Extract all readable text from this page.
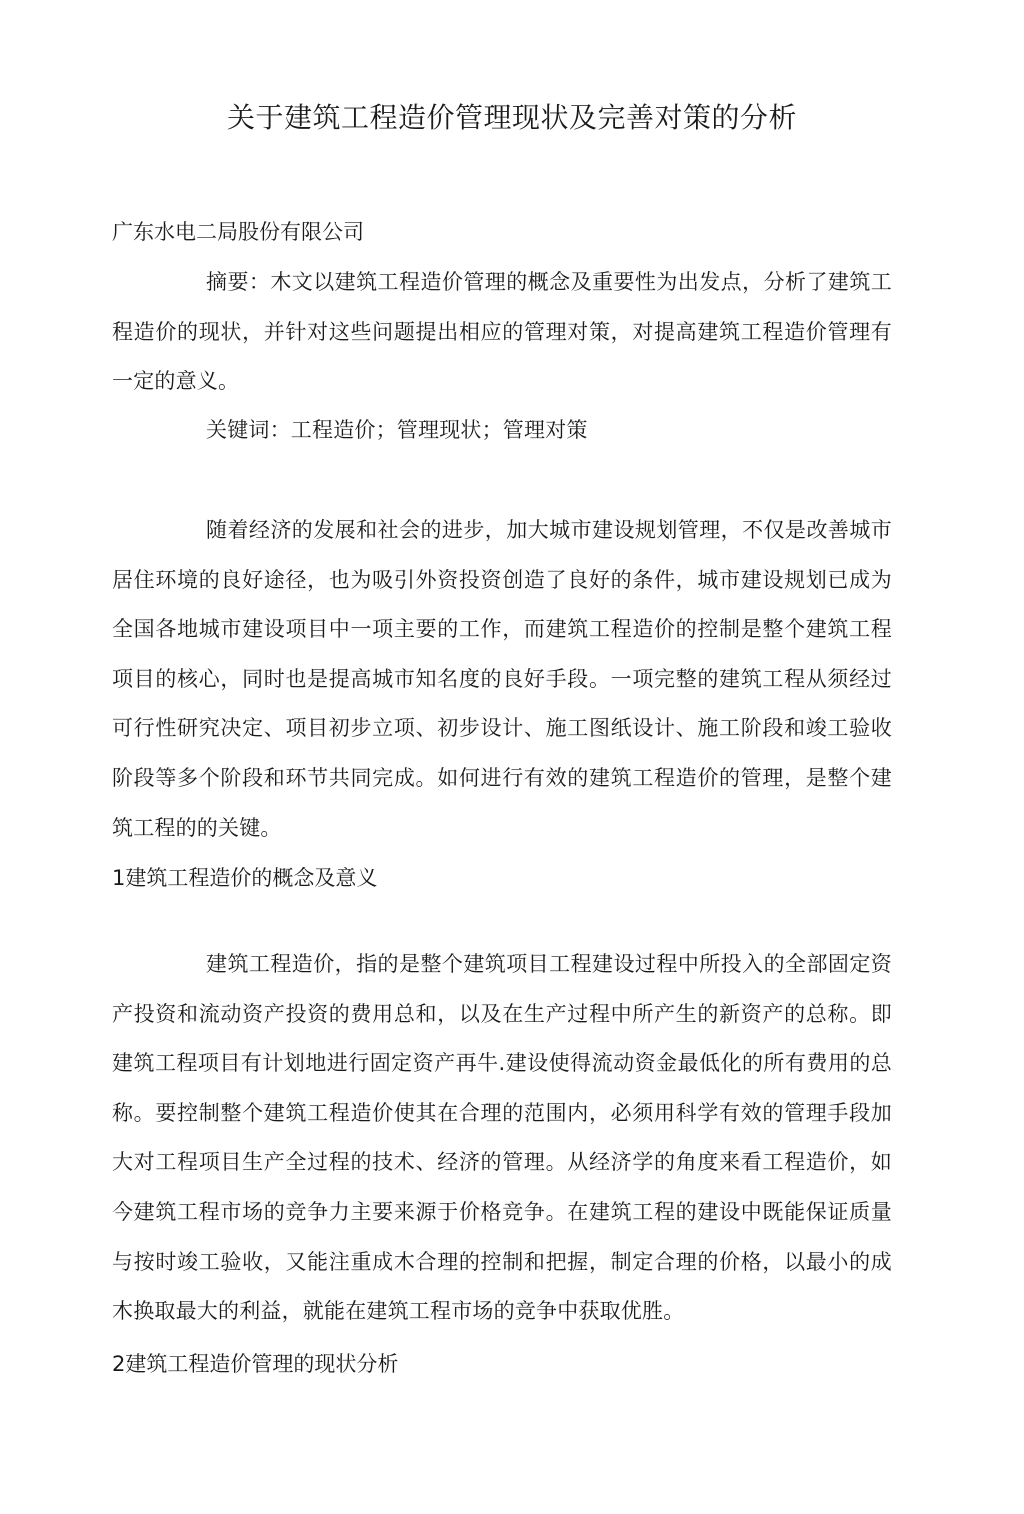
关于建筑工程造价管理现状及完善对策的分析

广东水电二局股份有限公司

摘要：木文以建筑工程造价管理的概念及重要性为出发点，分析了建筑工程造价的现状，并针对这些问题提出相应的管理对策，对提高建筑工程造价管理有一定的意义。

关键词：工程造价；管理现状；管理对策

随着经济的发展和社会的进步，加大城市建设规划管理，不仅是改善城市居住环境的良好途径，也为吸引外资投资创造了良好的条件，城市建设规划已成为全国各地城市建设项目中一项主要的工作，而建筑工程造价的控制是整个建筑工程项目的核心，同时也是提高城市知名度的良好手段。一项完整的建筑工程从须经过可行性研究决定、项目初步立项、初步设计、施工图纸设计、施工阶段和竣工验收阶段等多个阶段和环节共同完成。如何进行有效的建筑工程造价的管理，是整个建筑工程的的关键。

1建筑工程造价的概念及意义

建筑工程造价，指的是整个建筑项目工程建设过程中所投入的全部固定资产投资和流动资产投资的费用总和，以及在生产过程中所产生的新资产的总称。即建筑工程项目有计划地进行固定资产再牛.建设使得流动资金最低化的所有费用的总称。要控制整个建筑工程造价使其在合理的范围内，必须用科学有效的管理手段加大对工程项目生产全过程的技术、经济的管理。从经济学的角度来看工程造价，如今建筑工程市场的竞争力主要来源于价格竞争。在建筑工程的建设中既能保证质量与按时竣工验收，又能注重成木合理的控制和把握，制定合理的价格，以最小的成木换取最大的利益，就能在建筑工程市场的竞争中获取优胜。

2建筑工程造价管理的现状分析
